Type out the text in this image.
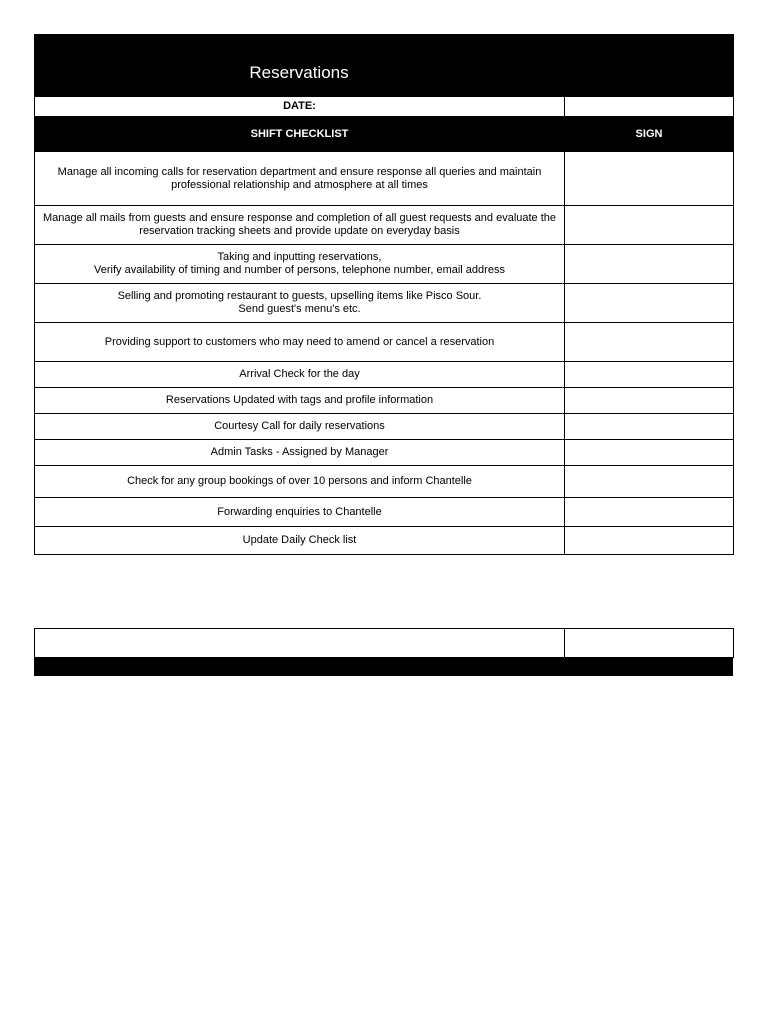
Reservations	

DATE:	
SHIFT CHECKLIST	SIGN
Manage all incoming calls for reservation department and ensure response all queries and maintain
professional relationship and atmosphere at all times	
Manage all mails from guests and ensure response and completion of all guest requests and evaluate the
reservation tracking sheets and provide update on everyday basis	
Taking and inputting reservations,
Verify availability of timing and number of persons, telephone number, email address	
Selling and promoting restaurant to guests, upselling items like Pisco Sour.
Send guest's menu's etc.	
Providing support to customers who may need to amend or cancel a reservation	
Arrival Check for the day	
Reservations Updated with tags and profile information	
Courtesy Call for daily reservations	
Admin Tasks - Assigned by Manager	
Check for any group bookings of over 10 persons and inform Chantelle	
Forwarding enquiries to Chantelle	
Update Daily Check list	
